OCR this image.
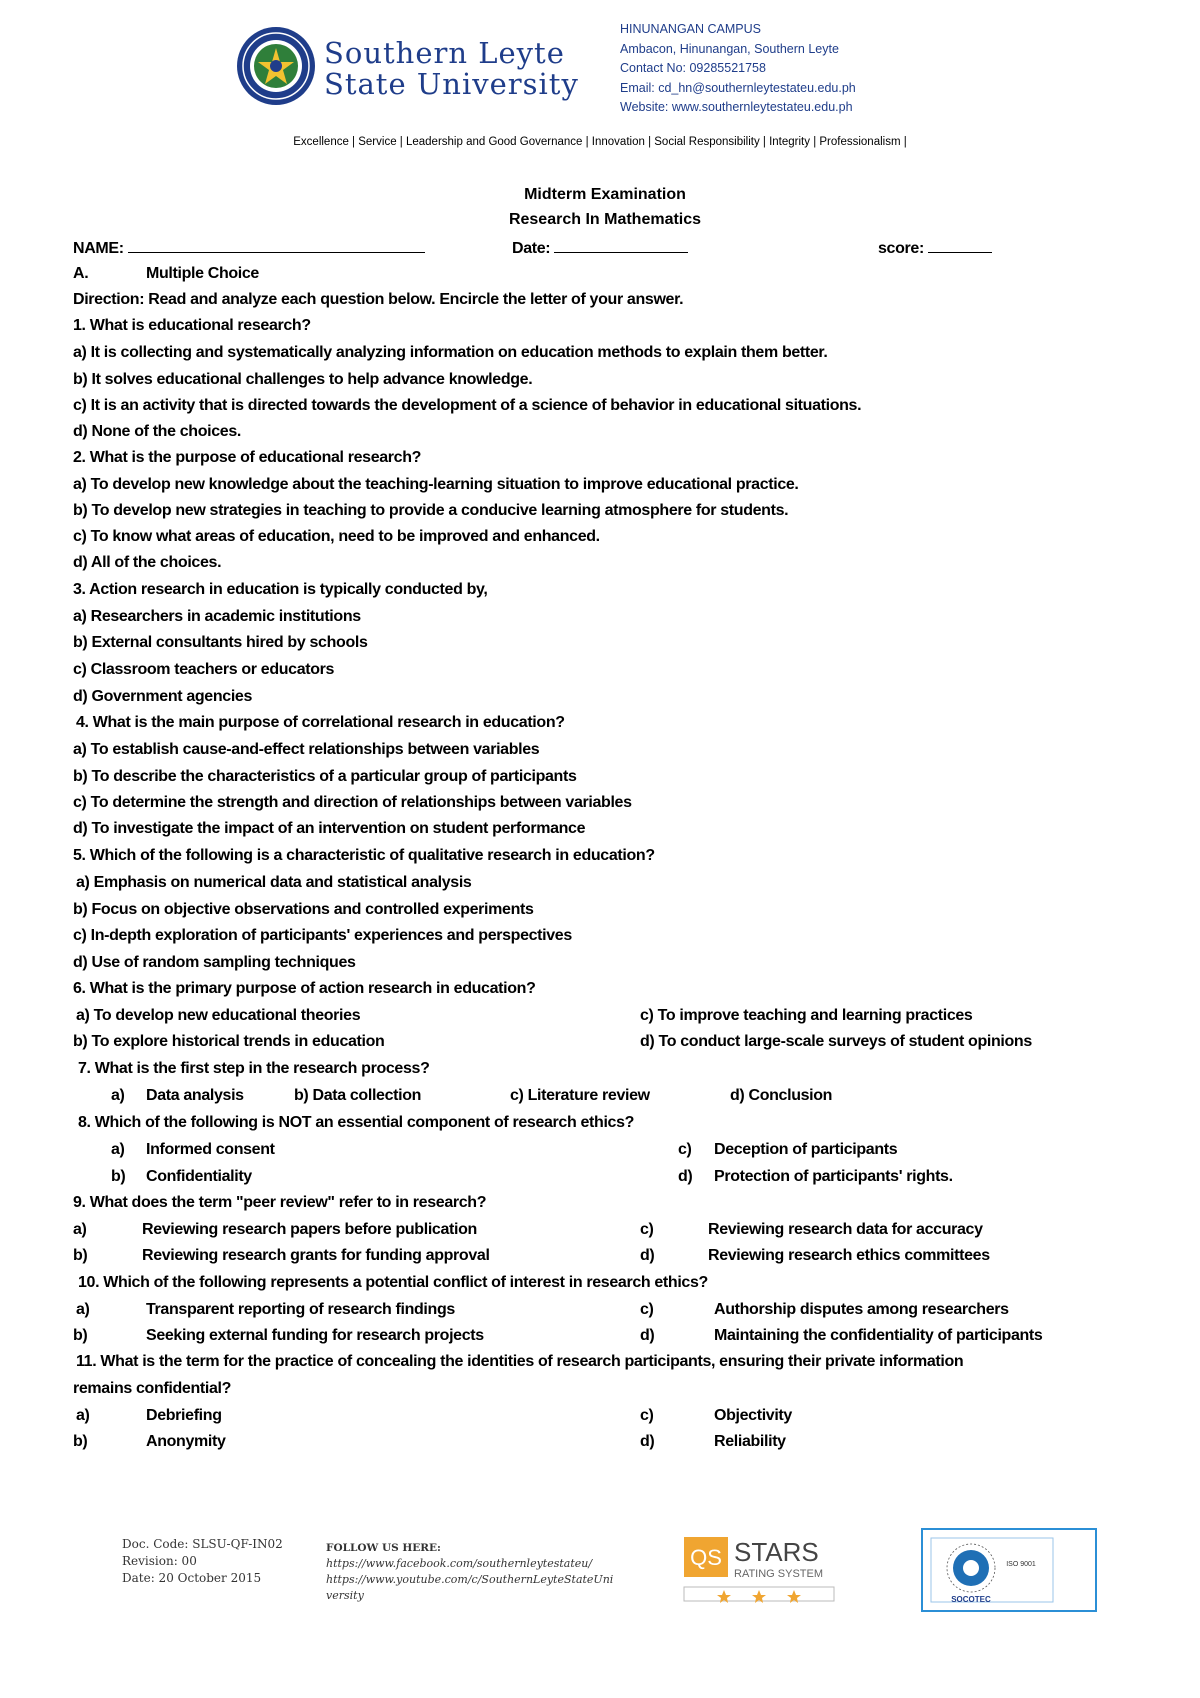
Southern Leyte
State University
HINUNANGAN CAMPUS
Ambacon, Hinunangan, Southern Leyte
Contact No: 09285521758
Email: cd_hn@southernleytestateu.edu.ph
Website: www.southernleytestateu.edu.ph
Excellence | Service | Leadership and Good Governance | Innovation | Social Responsibility | Integrity | Professionalism |
Midterm Examination
Research In Mathematics
NAME:	Date:	score:
A.	Multiple Choice
Direction: Read and analyze each question below. Encircle the letter of your answer.
1. What is educational research?
a) It is collecting and systematically analyzing information on education methods to explain them better.
b) It solves educational challenges to help advance knowledge.
c) It is an activity that is directed towards the development of a science of behavior in educational situations.
d) None of the choices.
2. What is the purpose of educational research?
a) To develop new knowledge about the teaching-learning situation to improve educational practice.
b) To develop new strategies in teaching to provide a conducive learning atmosphere for students.
c) To know what areas of education, need to be improved and enhanced.
d) All of the choices.
3. Action research in education is typically conducted by,
a) Researchers in academic institutions
b) External consultants hired by schools
c) Classroom teachers or educators
d) Government agencies
4. What is the main purpose of correlational research in education?
a) To establish cause-and-effect relationships between variables
b) To describe the characteristics of a particular group of participants
c) To determine the strength and direction of relationships between variables
d) To investigate the impact of an intervention on student performance
5. Which of the following is a characteristic of qualitative research in education?
a) Emphasis on numerical data and statistical analysis
b) Focus on objective observations and controlled experiments
c) In-depth exploration of participants' experiences and perspectives
d) Use of random sampling techniques
6. What is the primary purpose of action research in education?
a) To develop new educational theories
b) To explore historical trends in education
c) To improve teaching and learning practices
d) To conduct large-scale surveys of student opinions
7. What is the first step in the research process?
a) Data analysis	b) Data collection	c) Literature review	d) Conclusion
8. Which of the following is NOT an essential component of research ethics?
a) Informed consent
b) Confidentiality
c) Deception of participants
d) Protection of participants' rights.
9. What does the term "peer review" refer to in research?
a)	Reviewing research papers before publication
b)	Reviewing research grants for funding approval
c)	Reviewing research data for accuracy
d)	Reviewing research ethics committees
10. Which of the following represents a potential conflict of interest in research ethics?
a)	Transparent reporting of research findings
b)	Seeking external funding for research projects
c)	Authorship disputes among researchers
d)	Maintaining the confidentiality of participants
11. What is the term for the practice of concealing the identities of research participants, ensuring their private information
remains confidential?
a)	Debriefing
b)	Anonymity
c)	Objectivity
d)	Reliability
Doc. Code: SLSU-QF-IN02
Revision: 00
Date: 20 October 2015
FOLLOW US HERE:
https://www.facebook.com/southernleytestateu/
https://www.youtube.com/c/SouthernLeyteStateUni
versity
QS STARS
RATING SYSTEM
ISO 9001
SOCOTEC
